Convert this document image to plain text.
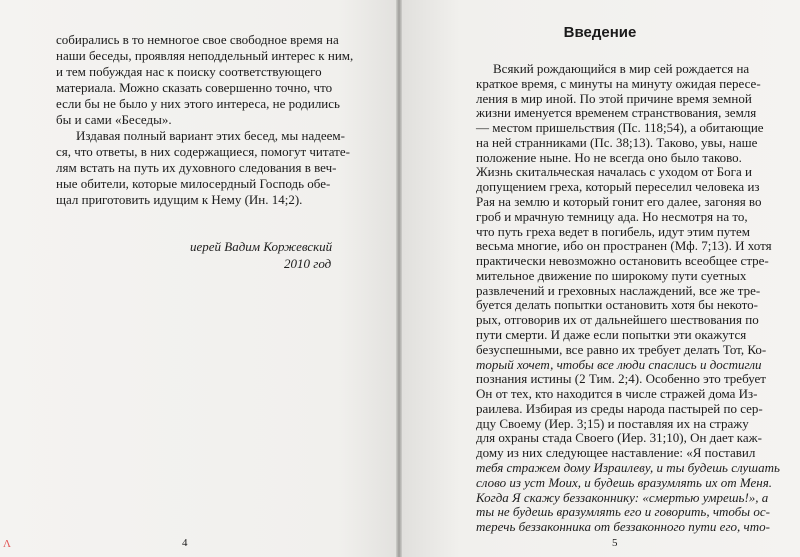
собирались в то немногое свое свободное время на
наши беседы, проявляя неподдельный интерес к ним,
и тем побуждая нас к поиску соответствующего
материала. Можно сказать совершенно точно, что
если бы не было у них этого интереса, не родились
бы и сами «Беседы».
Издавая полный вариант этих бесед, мы надеем-
ся, что ответы, в них содержащиеся, помогут читате-
лям встать на путь их духовного следования в веч-
ные обители, которые милосердный Господь обе-
щал приготовить идущим к Нему (Ин. 14;2).
иерей Вадим Коржевский
2010 год
4
Λ
Введение
Всякий рождающийся в мир сей рождается на
краткое время, с минуты на минуту ожидая пересе-
ления в мир иной. По этой причине время земной
жизни именуется временем странствования, земля
— местом пришельствия (Пс. 118;54), а обитающие
на ней странниками (Пс. 38;13). Таково, увы, наше
положение ныне. Но не всегда оно было таково.
Жизнь скитальческая началась с уходом от Бога и
допущением греха, который переселил человека из
Рая на землю и который гонит его далее, загоняя во
гроб и мрачную темницу ада. Но несмотря на то,
что путь греха ведет в погибель, идут этим путем
весьма многие, ибо он пространен (Мф. 7;13). И хотя
практически невозможно остановить всеобщее стре-
мительное движение по широкому пути суетных
развлечений и греховных наслаждений, все же тре-
буется делать попытки остановить хотя бы некото-
рых, отговорив их от дальнейшего шествования по
пути смерти. И даже если попытки эти окажутся
безуспешными, все равно их требует делать Тот, Ко-
торый хочет, чтобы все люди спаслись и достигли
познания истины (2 Тим. 2;4). Особенно это требует
Он от тех, кто находится в числе стражей дома Из-
раилева. Избирая из среды народа пастырей по сер-
дцу Своему (Иер. 3;15) и поставляя их на стражу
для охраны стада Своего (Иер. 31;10), Он дает каж-
дому из них следующее наставление: «Я поставил
тебя стражем дому Израилеву, и ты будешь слушать
слово из уст Моих, и будешь вразумлять их от Меня.
Когда Я скажу беззаконнику: «смертью умрешь!», а
ты не будешь вразумлять его и говорить, чтобы ос-
теречь беззаконника от беззаконного пути его, что-
5
